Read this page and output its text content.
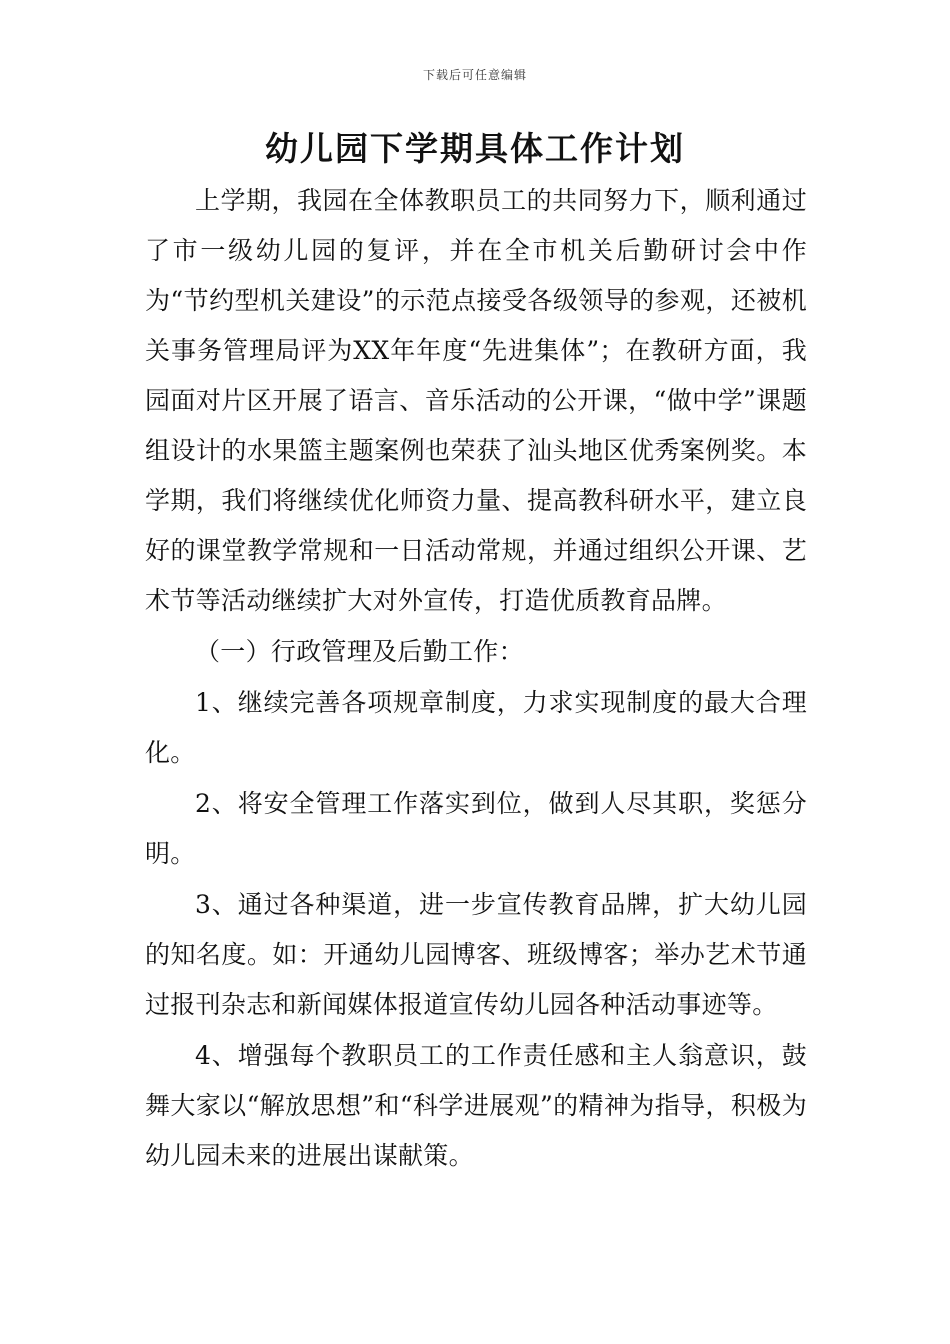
下载后可任意编辑
幼儿园下学期具体工作计划

上学期，我园在全体教职员工的共同努力下，顺利通过了市一级幼儿园的复评，并在全市机关后勤研讨会中作为“节约型机关建设”的示范点接受各级领导的参观，还被机关事务管理局评为XX年年度“先进集体”；在教研方面，我园面对片区开展了语言、音乐活动的公开课，“做中学”课题组设计的水果篮主题案例也荣获了汕头地区优秀案例奖。本学期，我们将继续优化师资力量、提高教科研水平，建立良好的课堂教学常规和一日活动常规，并通过组织公开课、艺术节等活动继续扩大对外宣传，打造优质教育品牌。

（一）行政管理及后勤工作：

1、继续完善各项规章制度，力求实现制度的最大合理化。

2、将安全管理工作落实到位，做到人尽其职，奖惩分明。

3、通过各种渠道，进一步宣传教育品牌，扩大幼儿园的知名度。如：开通幼儿园博客、班级博客；举办艺术节通过报刊杂志和新闻媒体报道宣传幼儿园各种活动事迹等。

4、增强每个教职员工的工作责任感和主人翁意识，鼓舞大家以“解放思想”和“科学进展观”的精神为指导，积极为幼儿园未来的进展出谋献策。
